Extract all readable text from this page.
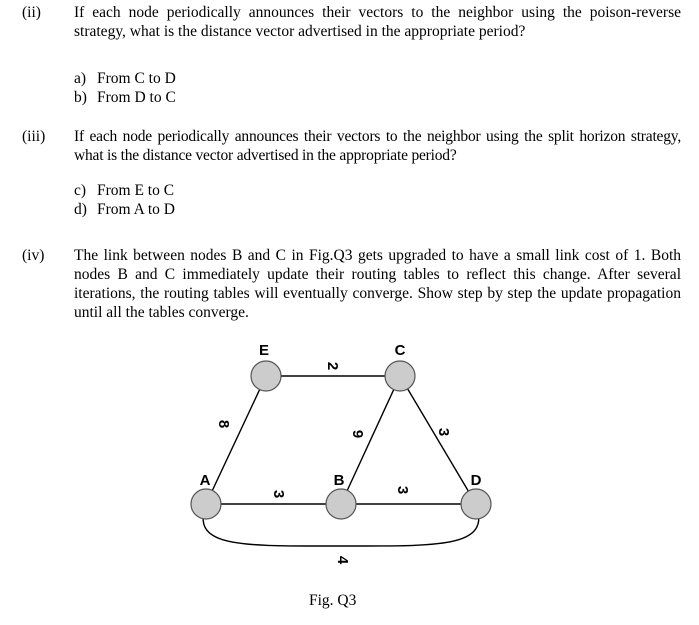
(ii) If each node periodically announces their vectors to the neighbor using the poison-reverse
strategy, what is the distance vector advertised in the appropriate period?
a) From C to D
b) From D to C
(iii) If each node periodically announces their vectors to the neighbor using the split horizon strategy,
what is the distance vector advertised in the appropriate period?
c) From E to C
d) From A to D
(iv) The link between nodes B and C in Fig.Q3 gets upgraded to have a small link cost of 1. Both
nodes B and C immediately update their routing tables to reflect this change. After several
iterations, the routing tables will eventually converge. Show step by step the update propagation
until all the tables converge.
E	C
A	B	D
2
8
9	3
3	3
4
Fig. Q3
